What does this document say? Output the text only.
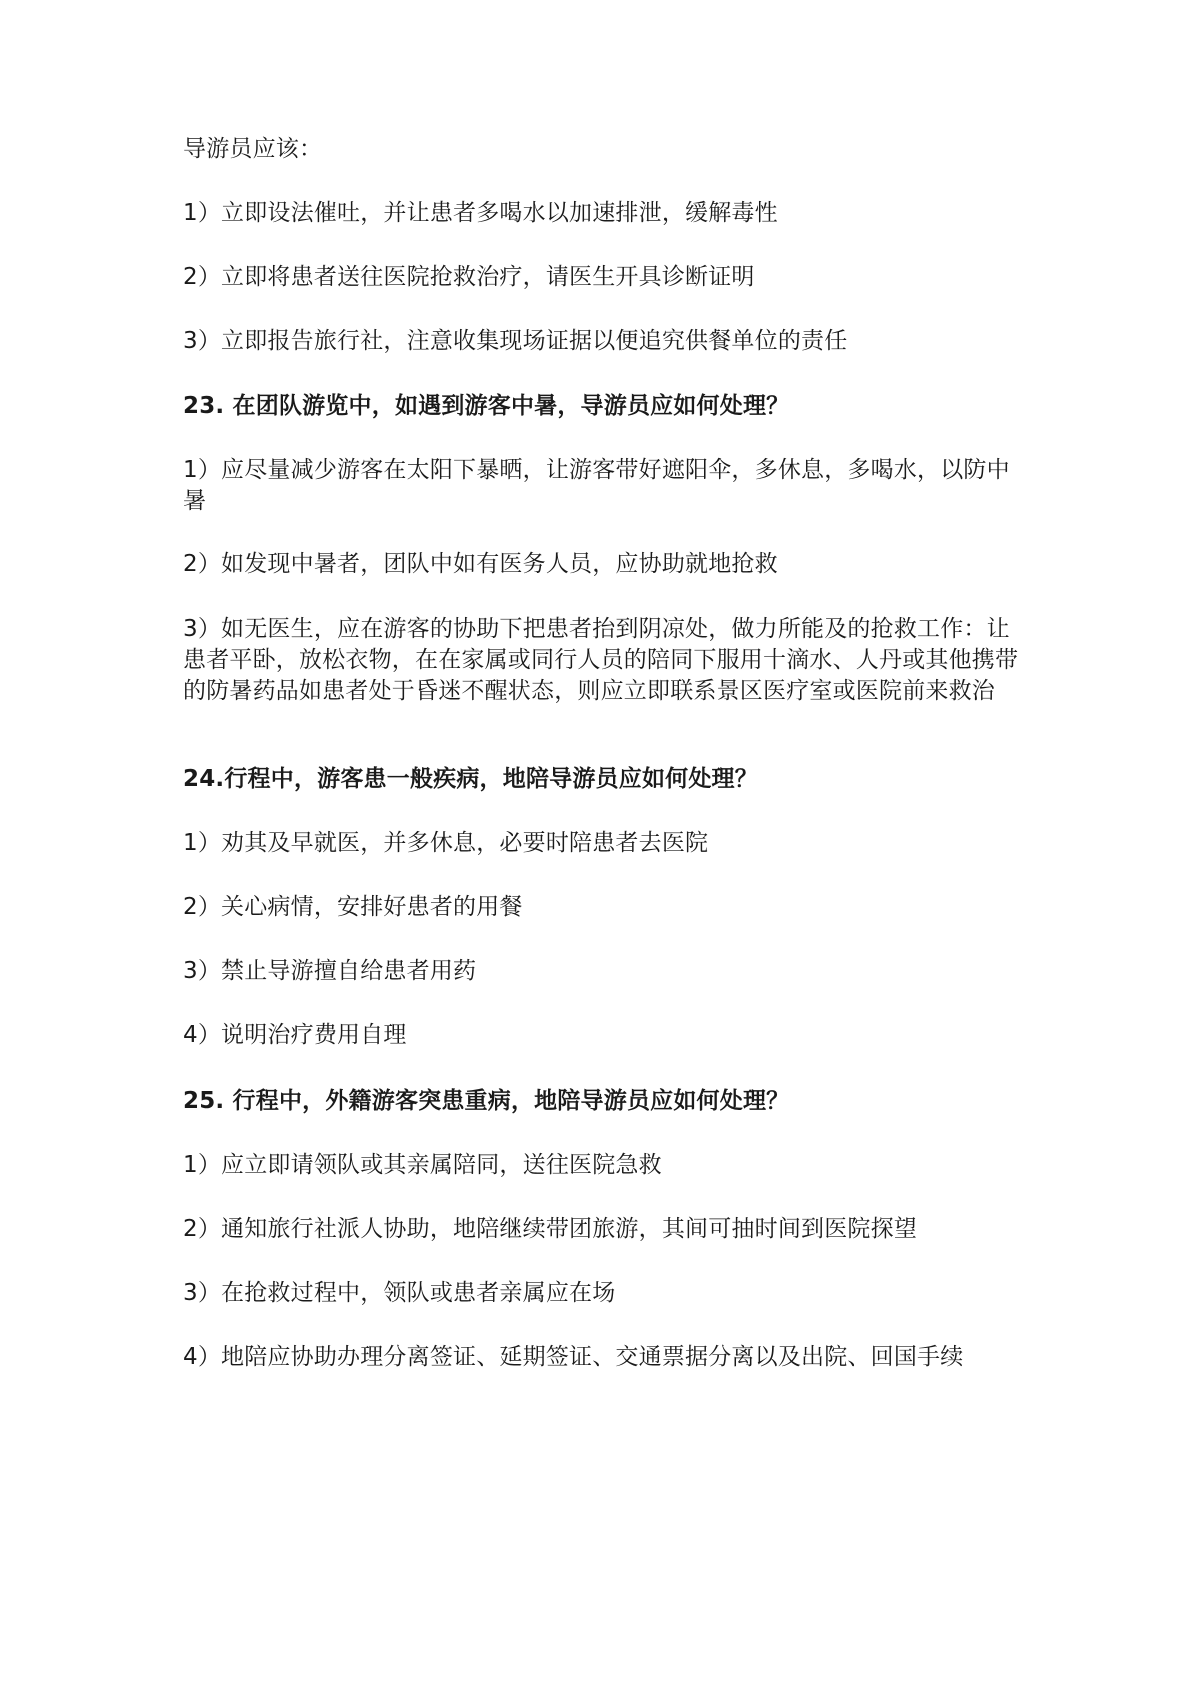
导游员应该：
1）立即设法催吐，并让患者多喝水以加速排泄，缓解毒性
2）立即将患者送往医院抢救治疗，请医生开具诊断证明
3）立即报告旅行社，注意收集现场证据以便追究供餐单位的责任
23. 在团队游览中，如遇到游客中暑，导游员应如何处理？
1）应尽量减少游客在太阳下暴晒，让游客带好遮阳伞，多休息，多喝水，以防中暑
2）如发现中暑者，团队中如有医务人员，应协助就地抢救
3）如无医生，应在游客的协助下把患者抬到阴凉处，做力所能及的抢救工作：让患者平卧，放松衣物，在在家属或同行人员的陪同下服用十滴水、人丹或其他携带的防暑药品如患者处于昏迷不醒状态，则应立即联系景区医疗室或医院前来救治
24.行程中，游客患一般疾病，地陪导游员应如何处理？
1）劝其及早就医，并多休息，必要时陪患者去医院
2）关心病情，安排好患者的用餐
3）禁止导游擅自给患者用药
4）说明治疗费用自理
25. 行程中，外籍游客突患重病，地陪导游员应如何处理？
1）应立即请领队或其亲属陪同，送往医院急救
2）通知旅行社派人协助，地陪继续带团旅游，其间可抽时间到医院探望
3）在抢救过程中，领队或患者亲属应在场
4）地陪应协助办理分离签证、延期签证、交通票据分离以及出院、回国手续
